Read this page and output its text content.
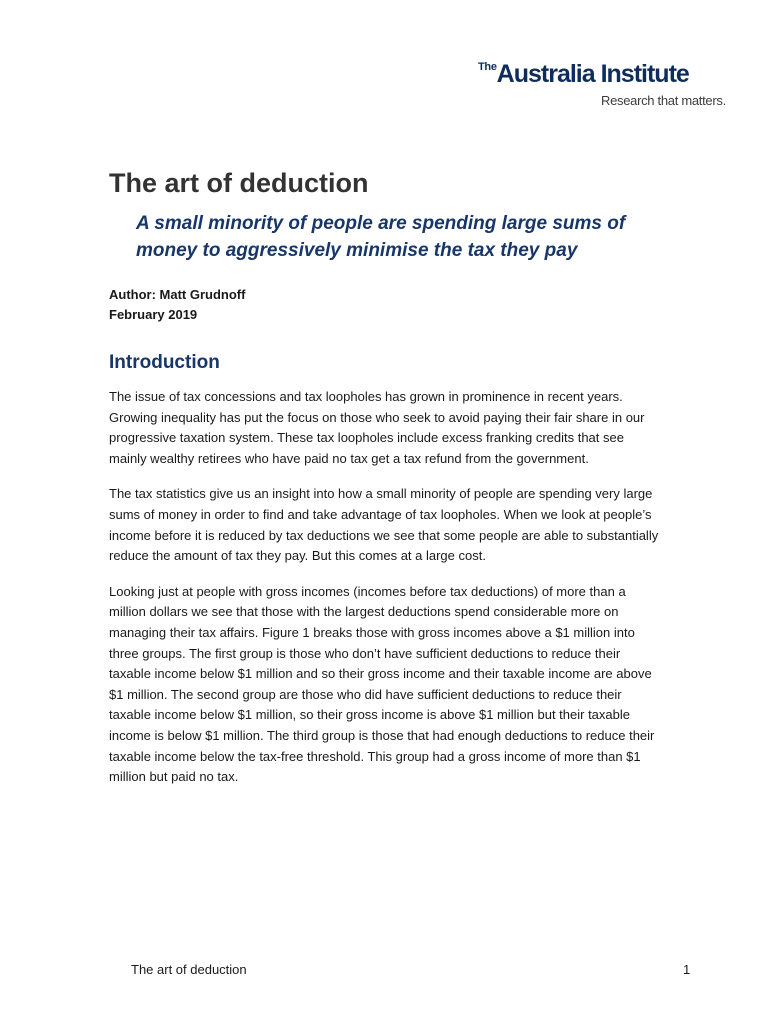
$^{The}$Australia Institute
Research that matters.
The art of deduction
A small minority of people are spending large sums of money to aggressively minimise the tax they pay
Author: Matt Grudnoff
February 2019
Introduction

The issue of tax concessions and tax loopholes has grown in prominence in recent years. Growing inequality has put the focus on those who seek to avoid paying their fair share in our progressive taxation system. These tax loopholes include excess franking credits that see mainly wealthy retirees who have paid no tax get a tax refund from the government.

The tax statistics give us an insight into how a small minority of people are spending very large sums of money in order to find and take advantage of tax loopholes. When we look at people’s income before it is reduced by tax deductions we see that some people are able to substantially reduce the amount of tax they pay. But this comes at a large cost.

Looking just at people with gross incomes (incomes before tax deductions) of more than a million dollars we see that those with the largest deductions spend considerable more on managing their tax affairs. Figure 1 breaks those with gross incomes above a $1 million into three groups. The first group is those who don’t have sufficient deductions to reduce their taxable income below $1 million and so their gross income and their taxable income are above $1 million. The second group are those who did have sufficient deductions to reduce their taxable income below $1 million, so their gross income is above $1 million but their taxable income is below $1 million. The third group is those that had enough deductions to reduce their taxable income below the tax-free threshold. This group had a gross income of more than $1 million but paid no tax.

The art of deduction	1
